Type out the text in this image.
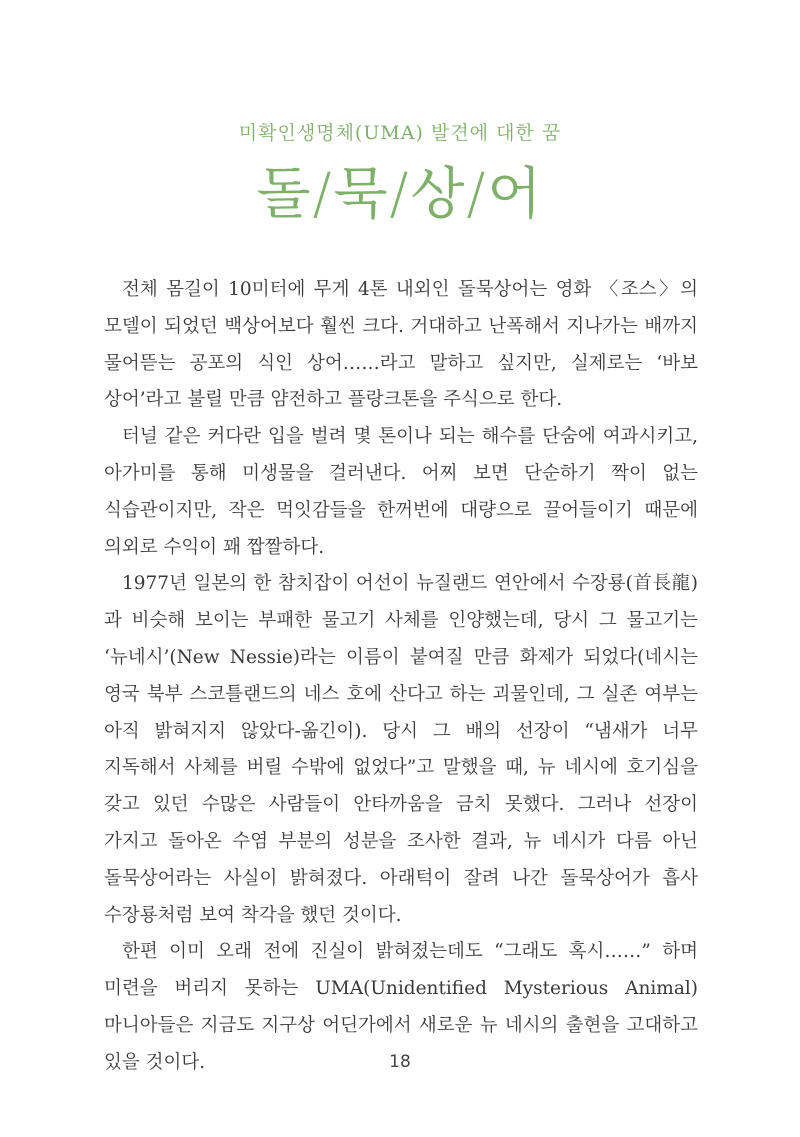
미확인생명체(UMA) 발견에 대한 꿈
돌/묵/상/어

전체 몸길이 10미터에 무게 4톤 내외인 돌묵상어는 영화 〈조스〉의 모델이 되었던 백상어보다 훨씬 크다. 거대하고 난폭해서 지나가는 배까지 물어뜯는 공포의 식인 상어……라고 말하고 싶지만, 실제로는 ‘바보 상어’라고 불릴 만큼 얌전하고 플랑크톤을 주식으로 한다.

터널 같은 커다란 입을 벌려 몇 톤이나 되는 해수를 단숨에 여과시키고, 아가미를 통해 미생물을 걸러낸다. 어찌 보면 단순하기 짝이 없는 식습관이지만, 작은 먹잇감들을 한꺼번에 대량으로 끌어들이기 때문에 의외로 수익이 꽤 짭짤하다.

1977년 일본의 한 참치잡이 어선이 뉴질랜드 연안에서 수장룡(首長龍)과 비슷해 보이는 부패한 물고기 사체를 인양했는데, 당시 그 물고기는 ‘뉴네시’(New Nessie)라는 이름이 붙여질 만큼 화제가 되었다(네시는 영국 북부 스코틀랜드의 네스 호에 산다고 하는 괴물인데, 그 실존 여부는 아직 밝혀지지 않았다-옮긴이). 당시 그 배의 선장이 “냄새가 너무 지독해서 사체를 버릴 수밖에 없었다”고 말했을 때, 뉴 네시에 호기심을 갖고 있던 수많은 사람들이 안타까움을 금치 못했다. 그러나 선장이 가지고 돌아온 수염 부분의 성분을 조사한 결과, 뉴 네시가 다름 아닌 돌묵상어라는 사실이 밝혀졌다. 아래턱이 잘려 나간 돌묵상어가 흡사 수장룡처럼 보여 착각을 했던 것이다.

한편 이미 오래 전에 진실이 밝혀졌는데도 “그래도 혹시……” 하며 미련을 버리지 못하는 UMA(Unidentified Mysterious Animal) 마니아들은 지금도 지구상 어딘가에서 새로운 뉴 네시의 출현을 고대하고 있을 것이다.	18
